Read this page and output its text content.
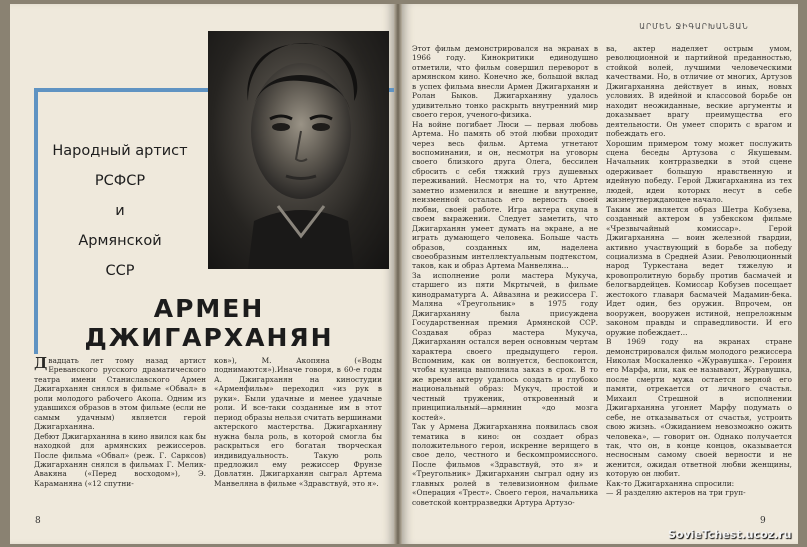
Народный артист
РСФСР
и
Армянской
ССР
АРМЕН ДЖИГАРХАНЯН
Двадцать лет тому назад артист Ереванского русского драматического театра имени Станиславского Армен Джигарханян снялся в фильме «Обвал» в роли молодого рабочего Акопа. Одним из удавшихся образов в этом фильме (если не самым удачным) является герой Джигарханяна.
Дебют Джигарханяна в кино явился как бы находкой для армянских режиссеров. После фильма «Обвал» (реж. Г. Сарксов) Джигарханян снялся в фильмах Г. Мелик-Авакяна («Перед восходом»), Э. Караманяна («12 спутни-
ков»), М. Акопяна («Воды поднимаются»).Иначе говоря, в 60-е годы А. Джигарханян на киностудии «Арменфильм» переходил «из рук в руки». Были удачные и менее удачные роли. И все-таки созданные им в этот период образы нельзя считать вершинами актерского мастерства. Джигарханяну нужна была роль, в которой смогла бы раскрыться его богатая творческая индивидуальность. Такую роль предложил ему режиссер Фрунзе Довлатян. Джигарханян сыграл Артема Манвеляна в фильме «Здравствуй, это я».
8
ԱՐՄԵՆ ՋԻԳԱՐԽԱՆՅԱՆ
Этот фильм демонстрировался на экранах в 1966 году. Кинокритики единодушно отметили, что фильм совершил переворот в армянском кино. Конечно же, большой вклад в успех фильма внесли Армен Джигарханян и Ролан Быков. Джигарханяну удалось удивительно тонко раскрыть внутренний мир своего героя, ученого-физика.
На войне погибает Люси — первая любовь Артема. Но память об этой любви проходит через весь фильм. Артема угнетают воспоминания, и он, несмотря на уговоры своего близкого друга Олега, бессилен сбросить с себя тяжкий груз душевных переживаний. Несмотря на то, что Артем заметно изменился и внешне и внутренне, неизменной осталась его верность своей любви, своей работе. Игра актера скупа в своем выражении. Следует заметить, что Джигарханян умеет думать на экране, а не играть думающего человека. Больше часть образов, созданных им, наделена своеобразным интеллектуальным подтекстом, таков, как и образ Артема Манвеляна...
За исполнение роли мастера Мукуча, старшего из пяти Мкртычей, в фильме кинодраматурга А. Айвазяна и режиссера Г. Маляна «Треугольник» в 1975 году Джигарханяну была присуждена Государственная премия Армянской ССР. Создавая образ мастера Мукуча, Джигарханян остался верен основным чертам характера своего предыдущего героя. Вспомним, как он волнуется, беспокоится, чтобы кузница выполнила заказ в срок. В то же время актеру удалось создать и глубоко национальный образ: Мукуч, простой и честный труженик, откровенный и принципиальный—армянин «до мозга костей».
Так у Армена Джигарханяна появилась своя тематика в кино: он создает образ положительного героя, искренне верящего в свое дело, честного и бескомпромиссного. После фильмов «Здравствуй, это я» и «Треугольник» Джигарханян сыграл одну из главных ролей в телевизионном фильме «Операция «Трест». Своего героя, начальника советской контрразведки Артура Артузо-
ва, актер наделяет острым умом, революционной и партийной преданностью, стойкой волей, лучшими человеческими качествами. Но, в отличие от многих, Артузов Джигарханяна действует в иных, новых условиях. В идейной и классовой борьбе он находит неожиданные, веские аргументы и доказывает врагу преимущества его деятельности. Он умеет спорить с врагом и побеждать его.
Хорошим примером тому может послужить сцена беседы Артузова с Якушевым. Начальник контрразведки в этой сцене одерживает большую нравственную и идейную победу. Герой Джигарханяна из тех людей, идеи которых несут в себе жизнеутверждающее начало.
Таким же является образ Шетра Кобузева, созданный актером в узбекском фильме «Чрезвычайный комиссар». Герой Джигарханяна — воин железной гвардии, активно участвующий в борьбе за победу социализма в Средней Азии. Революционный народ Туркестана ведет тяжелую и кровопролитную борьбу против басмачей и белогвардейцев. Комиссар Кобузев посещает жестокого главаря басмачей Мадамин-бека. Идет один, без оружия. Впрочем, он вооружен, вооружен истиной, непреложным законом правды и справедливости. И его оружие побеждает...
В 1969 году на экранах стране демонстрировался фильм молодого режиссера Николая Москаленко «Журавушка». Героиня его Марфа, или, как ее называют, Журавушка, после смерти мужа остается верной его памяти, отрекается от личного счастья. Михаил Стрешной в исполнении Джигарханяна угоняет Марфу подумать о себе, не отказываться от счастья, устроить свою жизнь. «Ожиданием невозможно ожить человека», — говорит он. Однако получается так, что он, в конце концов, оказывается несносным самому своей верности и не женится, ожидая ответной любви женщины, которую он любит.
Как-то Джигарханяна спросили:
— Я разделяю актеров на три груп-
9
SovieTchest.ucoz.ru
